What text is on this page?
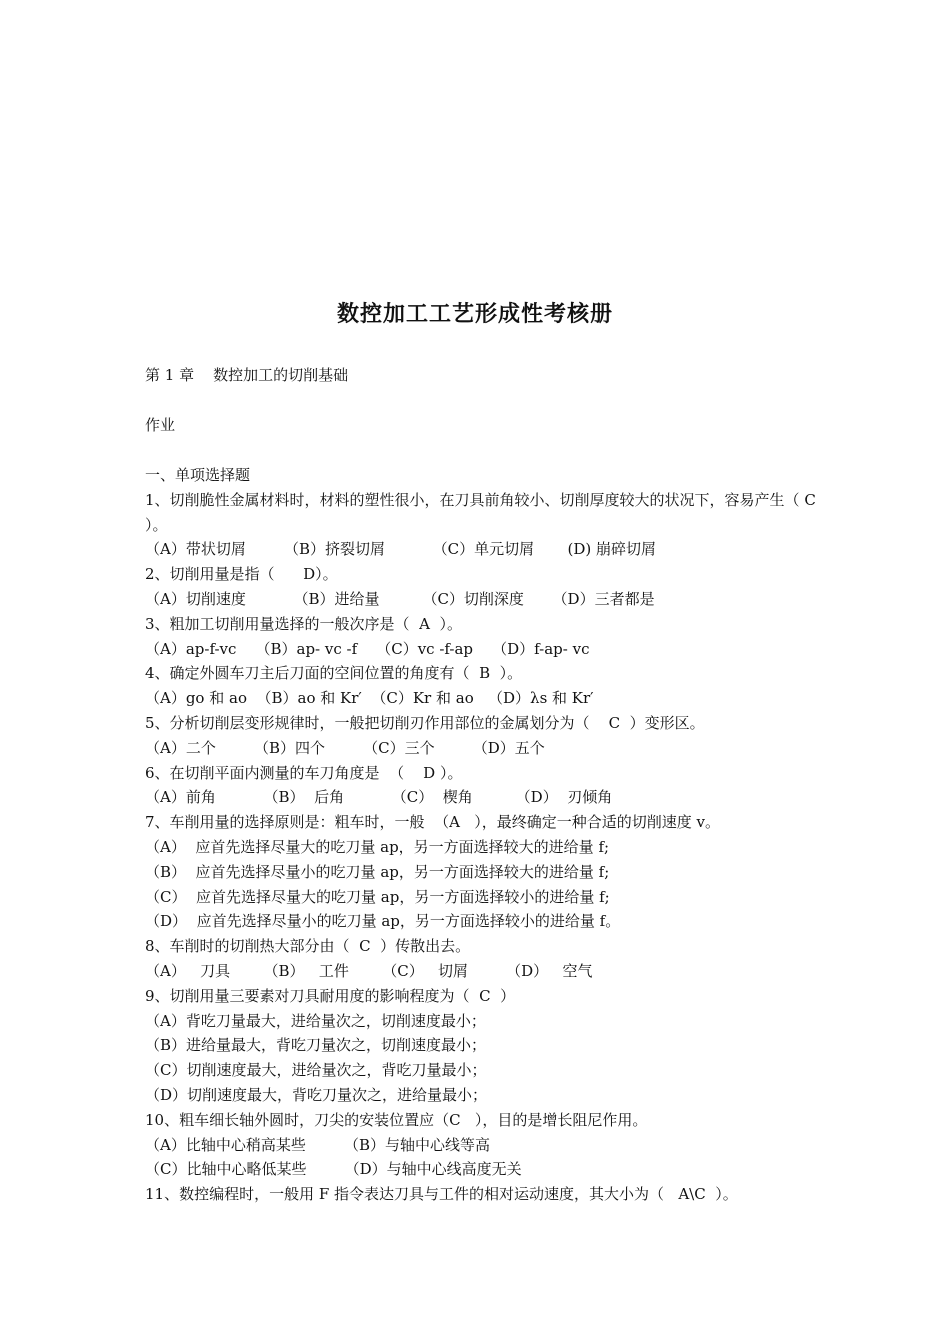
数控加工工艺形成性考核册
第 1 章    数控加工的切削基础
作业
一、单项选择题
1、切削脆性金属材料时，材料的塑性很小，在刀具前角较小、切削厚度较大的状况下，容易产生（ C ）。
（A）带状切屑        （B）挤裂切屑          （C）单元切屑       (D) 崩碎切屑
2、切削用量是指（      D）。
（A）切削速度          （B）进给量         （C）切削深度      （D）三者都是
3、粗加工切削用量选择的一般次序是（  A  ）。
（A）ap-f-vc    （B）ap- vc -f    （C）vc -f-ap    （D）f-ap- vc
4、确定外圆车刀主后刀面的空间位置的角度有（  B  ）。
（A）go 和 ao  （B）ao 和 Kr′  （C）Kr 和 ao   （D）λs 和 Kr′
5、分析切削层变形规律时，一般把切削刃作用部位的金属划分为（    C  ）变形区。
（A）二个        （B）四个        （C）三个        （D）五个
6、在切削平面内测量的车刀角度是  （    D ）。
（A）前角          （B）  后角          （C）  楔角         （D）  刃倾角
7、车削用量的选择原则是：粗车时，一般  （A   ），最终确定一种合适的切削速度 v。
（A）  应首先选择尽量大的吃刀量 ap，另一方面选择较大的进给量 f;
（B）  应首先选择尽量小的吃刀量 ap，另一方面选择较大的进给量 f;
（C）  应首先选择尽量大的吃刀量 ap，另一方面选择较小的进给量 f;
（D）  应首先选择尽量小的吃刀量 ap，另一方面选择较小的进给量 f。
8、车削时的切削热大部分由（  C  ）传散出去。
（A）   刀具       （B）   工件       （C）   切屑        （D）   空气
9、切削用量三要素对刀具耐用度的影响程度为（  C  ）
（A）背吃刀量最大，进给量次之，切削速度最小；
（B）进给量最大，背吃刀量次之，切削速度最小；
（C）切削速度最大，进给量次之，背吃刀量最小；
（D）切削速度最大，背吃刀量次之，进给量最小；
10、粗车细长轴外圆时，刀尖的安装位置应（C   ），目的是增长阻尼作用。
（A）比轴中心稍高某些        （B）与轴中心线等高
（C）比轴中心略低某些        （D）与轴中心线高度无关
11、数控编程时，一般用 F 指令表达刀具与工件的相对运动速度，其大小为（   A\C  ）。
